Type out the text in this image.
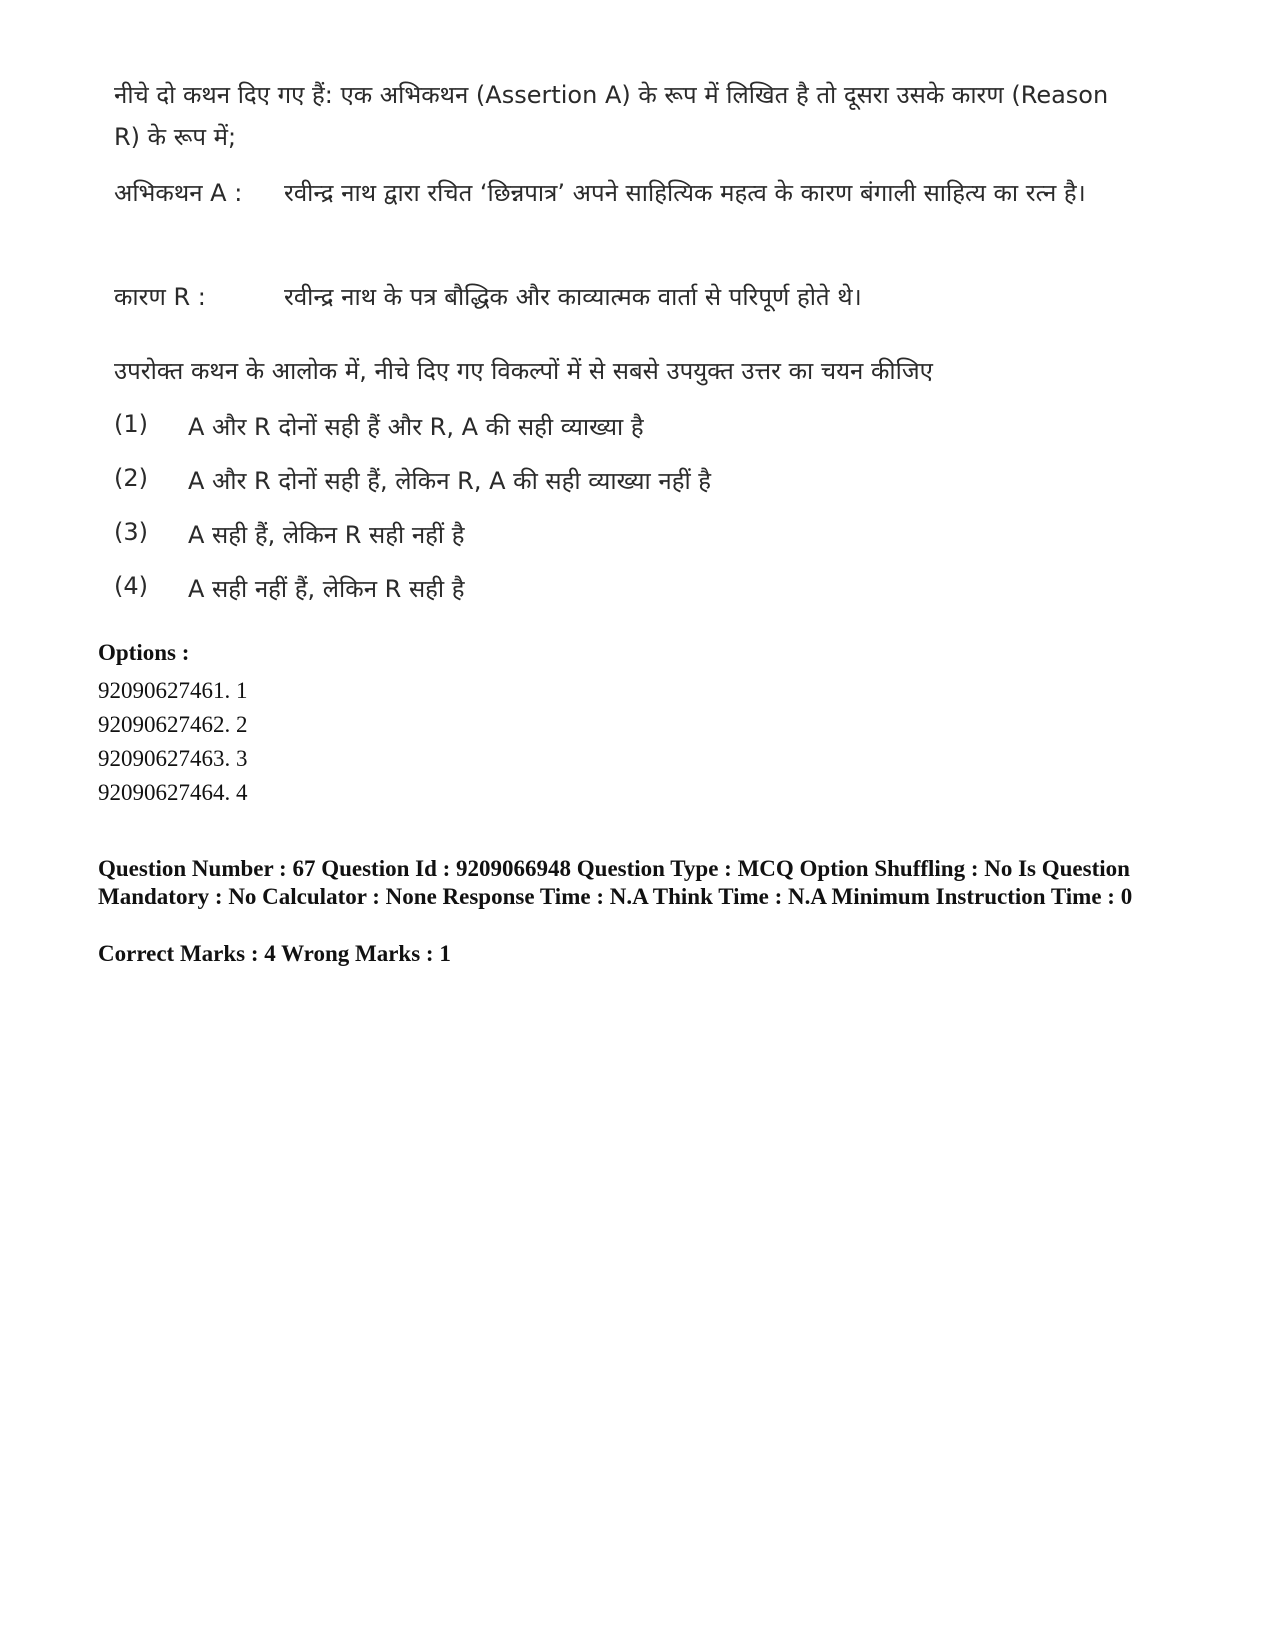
नीचे दो कथन दिए गए हैं: एक अभिकथन (Assertion A) के रूप में लिखित है तो दूसरा उसके कारण (Reason R) के रूप में;
अभिकथन A :	रवीन्द्र नाथ द्वारा रचित ‘छिन्नपात्र’ अपने साहित्यिक महत्व के कारण बंगाली साहित्य का रत्न है।
कारण R :	रवीन्द्र नाथ के पत्र बौद्धिक और काव्यात्मक वार्ता से परिपूर्ण होते थे।
उपरोक्त कथन के आलोक में, नीचे दिए गए विकल्पों में से सबसे उपयुक्त उत्तर का चयन कीजिए
(1)	A और R दोनों सही हैं और R, A की सही व्याख्या है
(2)	A और R दोनों सही हैं, लेकिन R, A की सही व्याख्या नहीं है
(3)	A सही हैं, लेकिन R सही नहीं है
(4)	A सही नहीं हैं, लेकिन R सही है
Options :
92090627461. 1
92090627462. 2
92090627463. 3
92090627464. 4
Question Number : 67 Question Id : 9209066948 Question Type : MCQ Option Shuffling : No Is Question Mandatory : No Calculator : None Response Time : N.A Think Time : N.A Minimum Instruction Time : 0
Correct Marks : 4 Wrong Marks : 1
